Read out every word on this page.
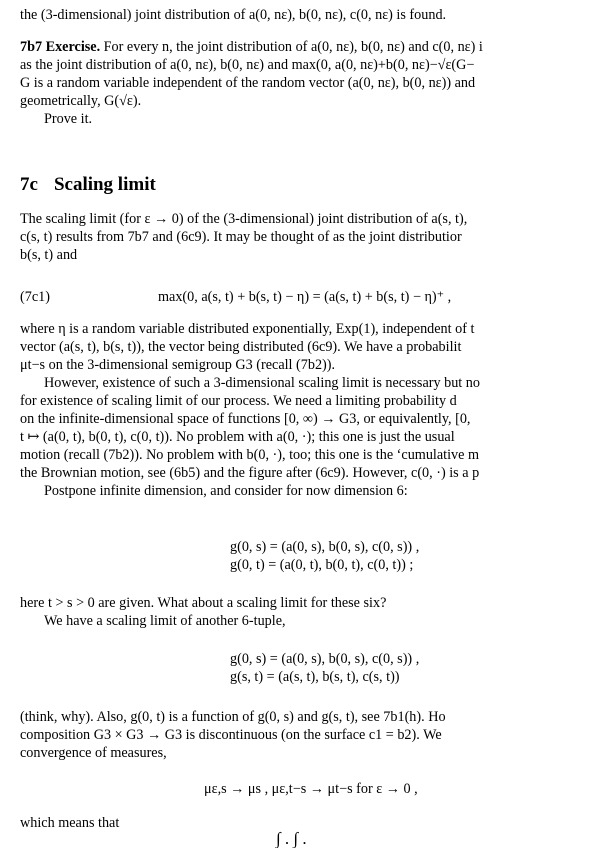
the (3-dimensional) joint distribution of a(0, nε), b(0, nε), c(0, nε) is found.
7b7 Exercise. For every n, the joint distribution of a(0, nε), b(0, nε) and c(0, nε) i
as the joint distribution of a(0, nε), b(0, nε) and max(0, a(0, nε)+b(0, nε)−√ε(G−
G is a random variable independent of the random vector (a(0, nε), b(0, nε)) and
geometrically, G(√ε).
Prove it.
7c Scaling limit
The scaling limit (for ε → 0) of the (3-dimensional) joint distribution of a(s, t),
c(s, t) results from 7b7 and (6c9). It may be thought of as the joint distributior
b(s, t) and
(7c1)	max(0, a(s, t) + b(s, t) − η) = (a(s, t) + b(s, t) − η)⁺ ,
where η is a random variable distributed exponentially, Exp(1), independent of t
vector (a(s, t), b(s, t)), the vector being distributed (6c9). We have a probabilit
μt−s on the 3-dimensional semigroup G3 (recall (7b2)).
However, existence of such a 3-dimensional scaling limit is necessary but no
for existence of scaling limit of our process. We need a limiting probability d
on the infinite-dimensional space of functions [0, ∞) → G3, or equivalently, [0,
t ↦ (a(0, t), b(0, t), c(0, t)). No problem with a(0, ·); this one is just the usual
motion (recall (7b2)). No problem with b(0, ·), too; this one is the ‘cumulative m
the Brownian motion, see (6b5) and the figure after (6c9). However, c(0, ·) is a p
Postpone infinite dimension, and consider for now dimension 6:
g(0, s) = (a(0, s), b(0, s), c(0, s)) ,
g(0, t) = (a(0, t), b(0, t), c(0, t)) ;
here t > s > 0 are given. What about a scaling limit for these six?
We have a scaling limit of another 6-tuple,
g(0, s) = (a(0, s), b(0, s), c(0, s)) ,
g(s, t) = (a(s, t), b(s, t), c(s, t))
(think, why). Also, g(0, t) is a function of g(0, s) and g(s, t), see 7b1(h). Ho
composition G3 × G3 → G3 is discontinuous (on the surface c1 = b2). We
convergence of measures,
με,s → μs , με,t−s → μt−s for ε → 0 ,
which means that
∫ . ∫ .
